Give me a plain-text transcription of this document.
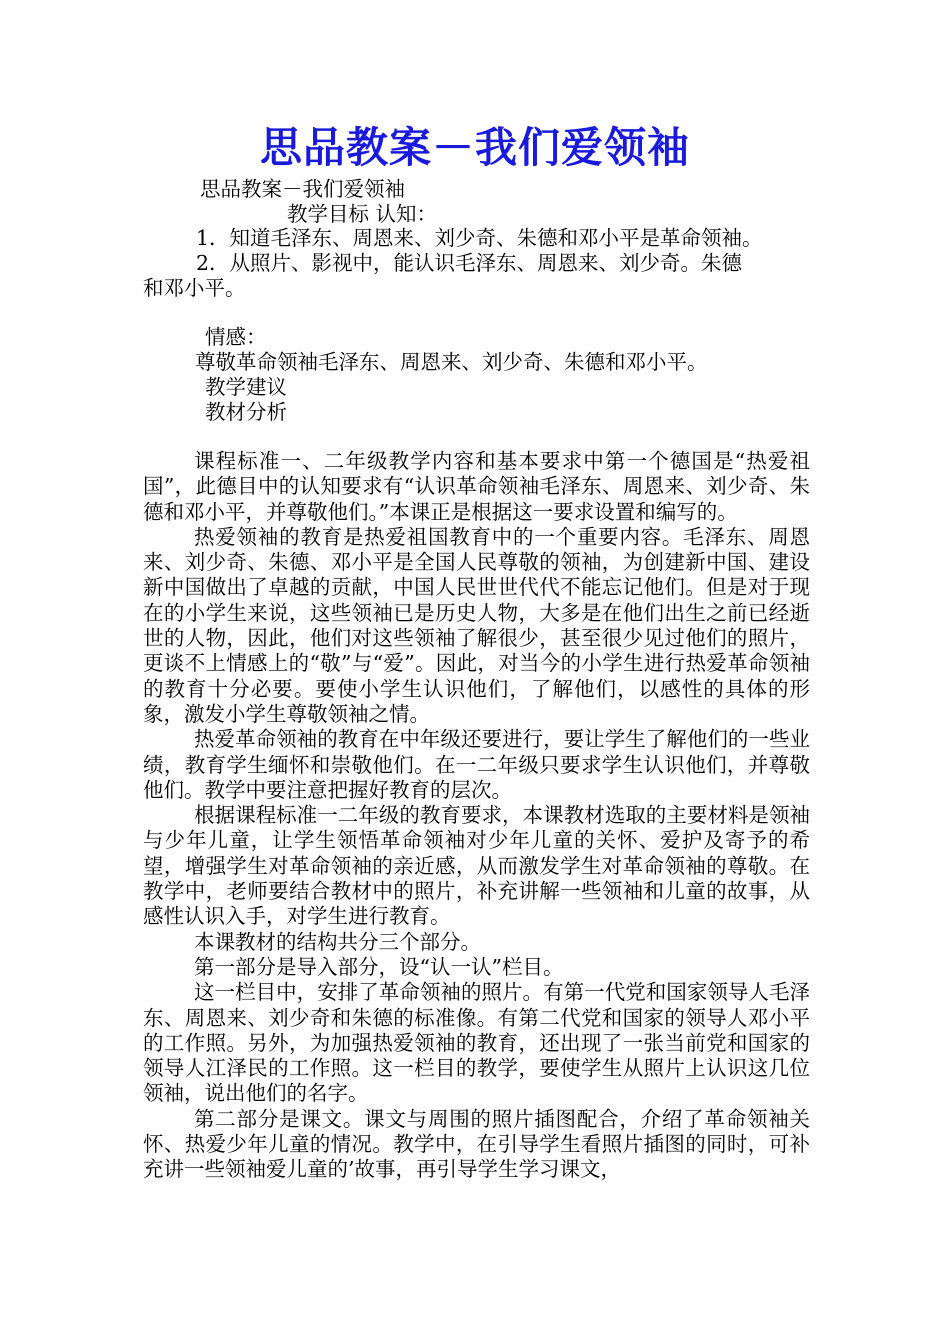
思品教案－我们爱领袖
思品教案－我们爱领袖
教学目标 认知：
1．知道毛泽东、周恩来、刘少奇、朱德和邓小平是革命领袖。
2．从照片、影视中，能认识毛泽东、周恩来、刘少奇。朱德
和邓小平。
情感：
尊敬革命领袖毛泽东、周恩来、刘少奇、朱德和邓小平。
教学建议
教材分析

课程标准一、二年级教学内容和基本要求中第一个德国是“热爱祖国”，此德目中的认知要求有“认识革命领袖毛泽东、周恩来、刘少奇、朱德和邓小平，并尊敬他们。”本课正是根据这一要求设置和编写的。

热爱领袖的教育是热爱祖国教育中的一个重要内容。毛泽东、周恩来、刘少奇、朱德、邓小平是全国人民尊敬的领袖，为创建新中国、建设新中国做出了卓越的贡献，中国人民世世代代不能忘记他们。但是对于现在的小学生来说，这些领袖已是历史人物，大多是在他们出生之前已经逝世的人物，因此，他们对这些领袖了解很少，甚至很少见过他们的照片，更谈不上情感上的“敬”与“爱”。因此，对当今的小学生进行热爱革命领袖的教育十分必要。要使小学生认识他们，了解他们，以感性的具体的形象，激发小学生尊敬领袖之情。

热爱革命领袖的教育在中年级还要进行，要让学生了解他们的一些业绩，教育学生缅怀和崇敬他们。在一二年级只要求学生认识他们，并尊敬他们。教学中要注意把握好教育的层次。

根据课程标准一二年级的教育要求，本课教材选取的主要材料是领袖与少年儿童，让学生领悟革命领袖对少年儿童的关怀、爱护及寄予的希望，增强学生对革命领袖的亲近感，从而激发学生对革命领袖的尊敬。在教学中，老师要结合教材中的照片，补充讲解一些领袖和儿童的故事，从感性认识入手，对学生进行教育。

本课教材的结构共分三个部分。

第一部分是导入部分，设“认一认”栏目。

这一栏目中，安排了革命领袖的照片。有第一代党和国家领导人毛泽东、周恩来、刘少奇和朱德的标准像。有第二代党和国家的领导人邓小平的工作照。另外，为加强热爱领袖的教育，还出现了一张当前党和国家的领导人江泽民的工作照。这一栏目的教学，要使学生从照片上认识这几位领袖，说出他们的名字。

第二部分是课文。课文与周围的照片插图配合，介绍了革命领袖关怀、热爱少年儿童的情况。教学中，在引导学生看照片插图的同时，可补充讲一些领袖爱儿童的’故事，再引导学生学习课文，
